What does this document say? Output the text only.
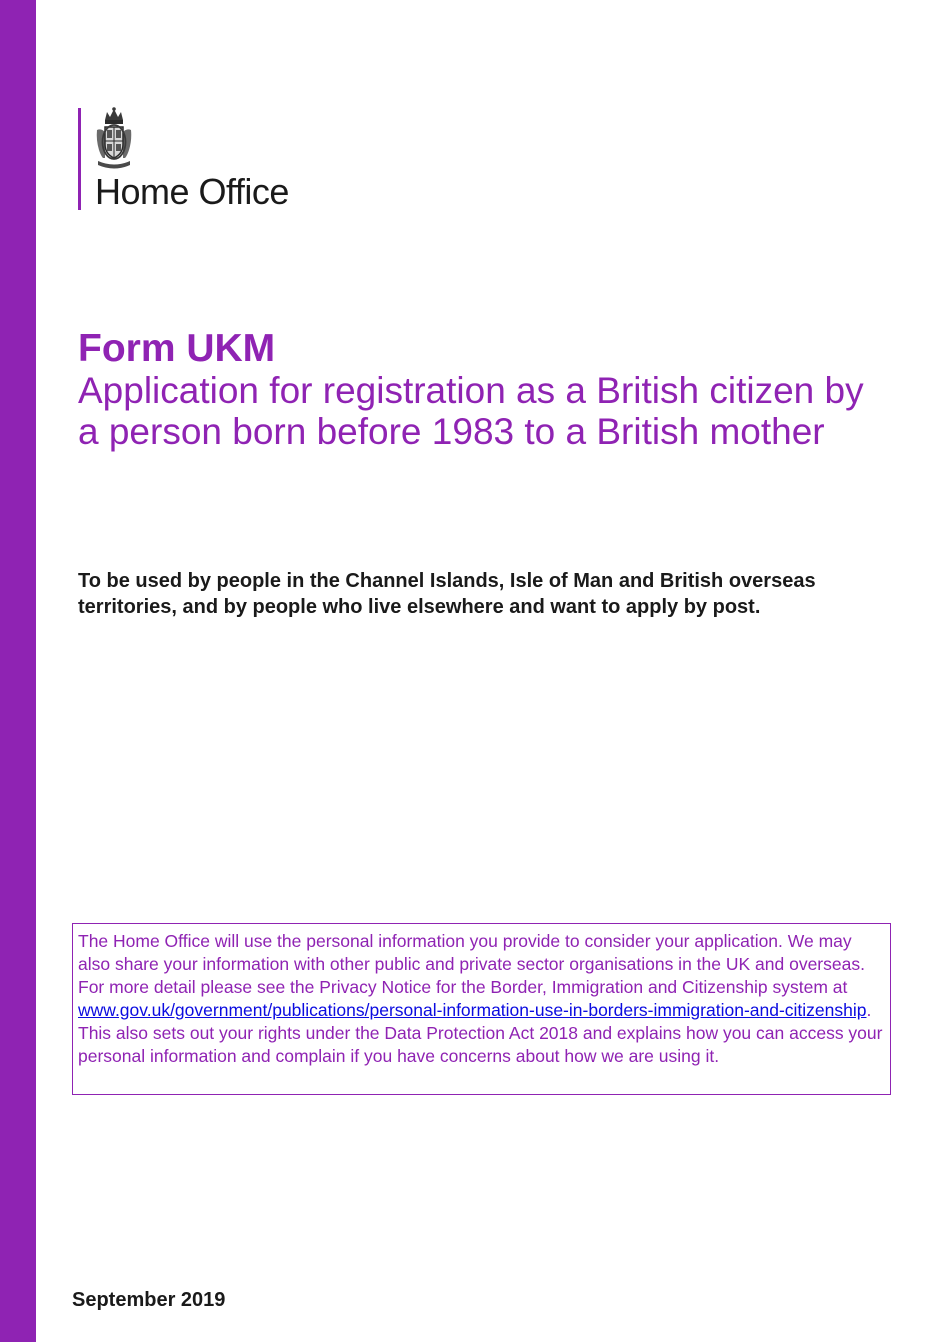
Home Office
Form UKM
Application for registration as a British citizen by a person born before 1983 to a British mother

To be used by people in the Channel Islands, Isle of Man and British overseas territories, and by people who live elsewhere and want to apply by post.

The Home Office will use the personal information you provide to consider your application. We may also share your information with other public and private sector organisations in the UK and overseas. For more detail please see the Privacy Notice for the Border, Immigration and Citizenship system at www.gov.uk/government/publications/personal-information-use-in-borders-immigration-and-citizenship. This also sets out your rights under the Data Protection Act 2018 and explains how you can access your personal information and complain if you have concerns about how we are using it.

September 2019
